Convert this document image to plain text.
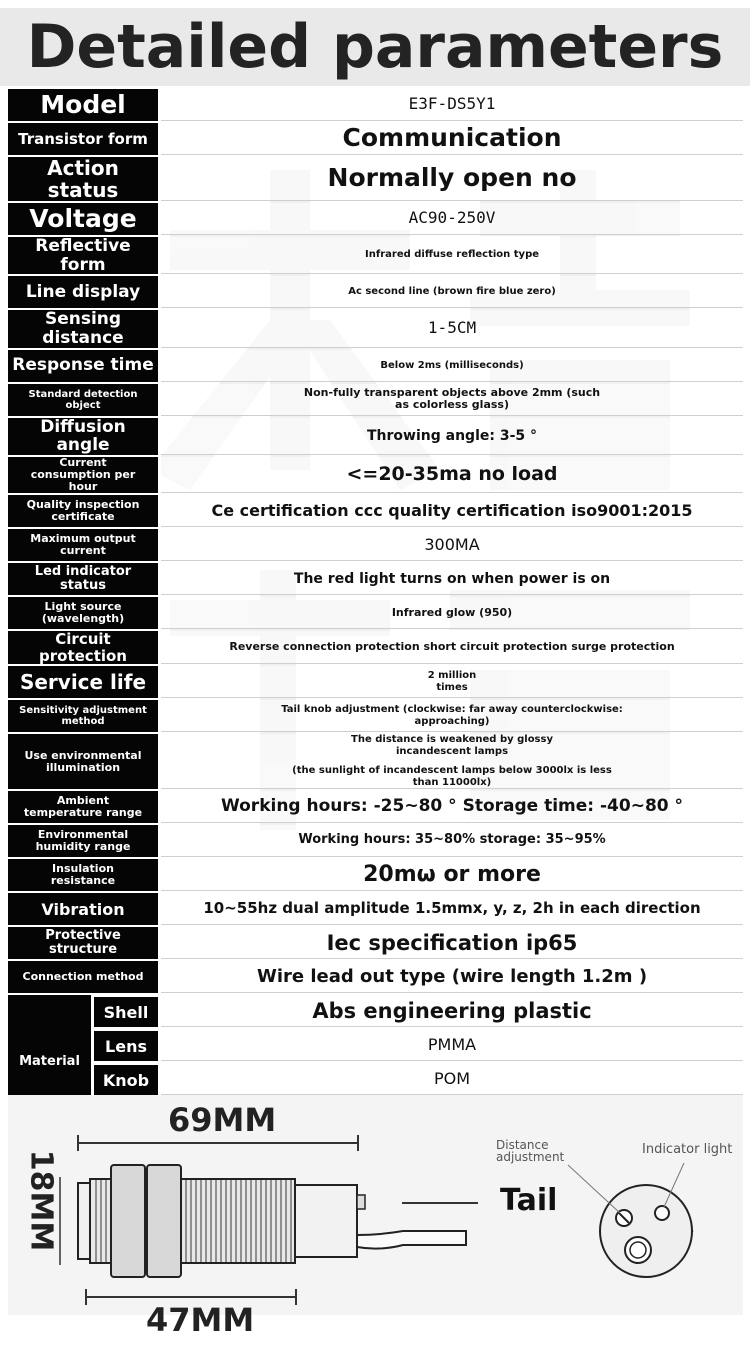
Detailed parameters
Model		E3F-DS5Y1
Transistor form		Communication
Action status		Normally open no
Voltage		AC90-250V
Reflective form		Infrared diffuse reflection type
Line display		Ac second line (brown fire blue zero)
Sensing distance		1-5CM
Response time		Below 2ms (milliseconds)
Standard detection object		Non-fully transparent objects above 2mm (such as colorless glass)
Diffusion angle		Throwing angle: 3-5 °
Current consumption per hour		<=20-35ma no load
Quality inspection certificate		Ce certification ccc quality certification iso9001:2015
Maximum output current		300MA
Led indicator status		The red light turns on when power is on
Light source (wavelength)		Infrared glow (950)
Circuit protection		Reverse connection protection short circuit protection surge protection
Service life		2 million times
Sensitivity adjustment method		Tail knob adjustment (clockwise: far away counterclockwise: approaching)
Use environmental illumination		The distance is weakened by glossy incandescent lamps
(the sunlight of incandescent lamps below 3000lx is less than 11000lx)

Ambient temperature range		Working hours: -25~80 ° Storage time: -40~80 °
Environmental humidity range		Working hours: 35~80% storage: 35~95%
Insulation resistance		20mω or more
Vibration		10~55hz dual amplitude 1.5mmx, y, z, 2h in each direction
Protective structure		Iec specification ip65
Connection method		Wire lead out type (wire length 1.2m )
Material	Shell	Abs engineering plastic
	Lens	PMMA
	Knob	POM

69MM
47MM
18MM	Tail
Distance adjustment	Indicator light
